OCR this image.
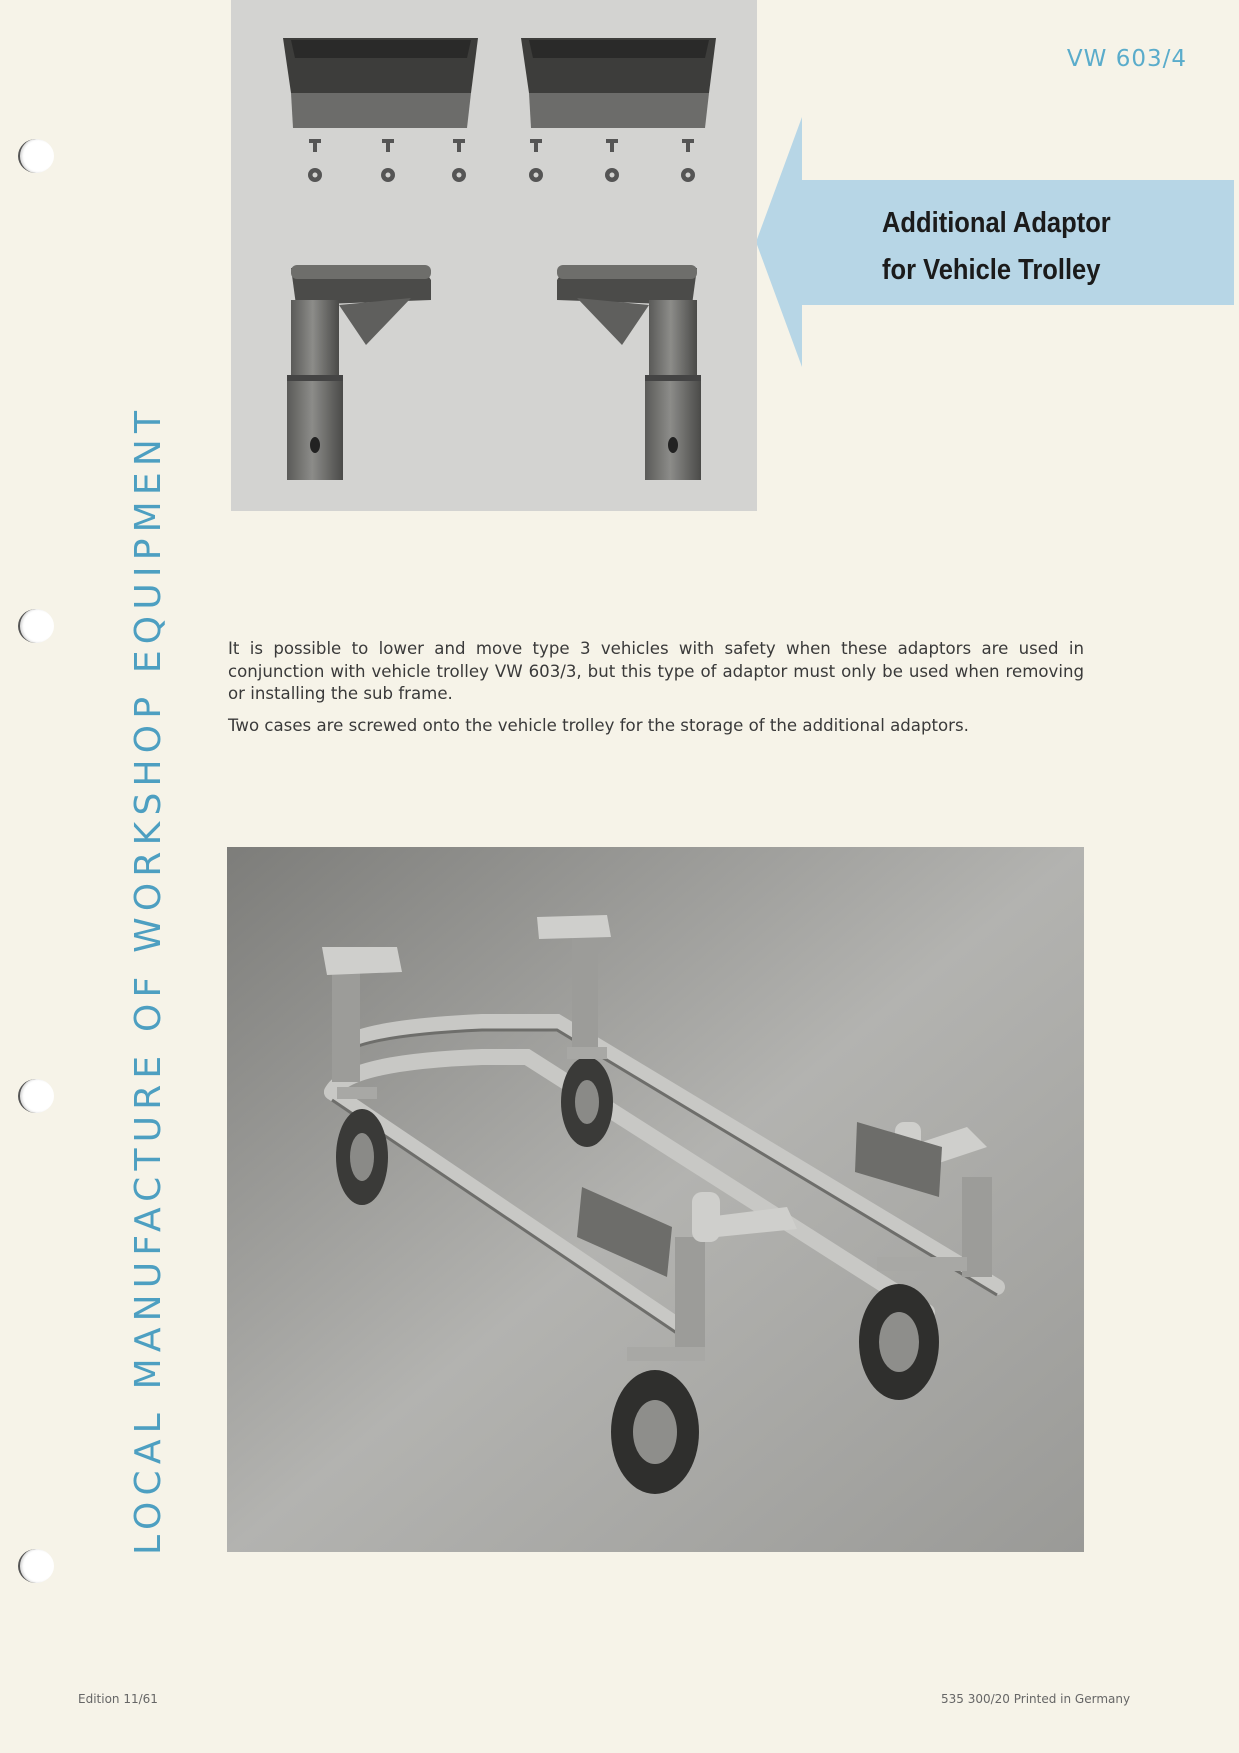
LOCAL MANUFACTURE OF WORKSHOP EQUIPMENT
VW 603/4
Additional Adaptor
for Vehicle Trolley

It is possible to lower and move type 3 vehicles with safety when these adaptors are used in conjunction with vehicle trolley VW 603/3, but this type of adaptor must only be used when removing or installing the sub frame.

Two cases are screwed onto the vehicle trolley for the storage of the additional adaptors.

Edition 11/61	535 300/20 Printed in Germany
